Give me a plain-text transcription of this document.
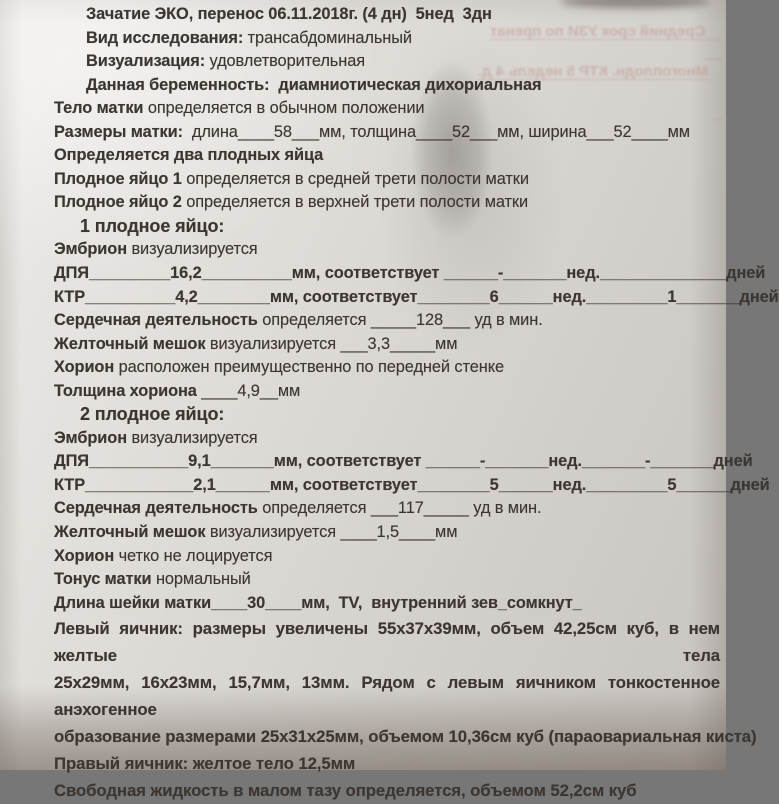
Средний срок УЗИ по пренат

Многоплодн. КТР 5 недель 4 д.

Зачатие ЭКО, перенос 06.11.2018г. (4 дн)  5нед  3дн
Вид исследования: трансабдоминальный
Визуализация: удовлетворительная
Данная беременность:  диамниотическая дихориальная
Тело матки определяется в обычном положении
Размеры матки:  длина____58___мм, толщина____52___мм, ширина___52____мм
Определяется два плодных яйца
Плодное яйцо 1 определяется в средней трети полости матки
Плодное яйцо 2 определяется в верхней трети полости матки
1 плодное яйцо:
Эмбрион визуализируется
ДПЯ_________16,2__________мм, соответствует ______-_______нед.______________дней
КТР__________4,2________мм, соответствует________6______нед._________1_______дней
Сердечная деятельность определяется _____128___ уд в мин.
Желточный мешок визуализируется ___3,3_____мм
Хорион расположен преимущественно по передней стенке
Толщина хориона ____4,9__мм
2 плодное яйцо:
Эмбрион визуализируется
ДПЯ___________9,1_______мм, соответствует ______-_______нед._______-_______дней
КТР____________2,1______мм, соответствует________5______нед._________5______дней
Сердечная деятельность определяется ___117_____ уд в мин.
Желточный мешок визуализируется ____1,5____мм
Хорион четко не лоцируется
Тонус матки нормальный
Длина шейки матки____30____мм,  TV,  внутренний зев_сомкнут_
Левый яичник: размеры увеличены 55х37х39мм, объем 42,25см куб, в нем желтые тела
25х29мм, 16х23мм, 15,7мм, 13мм. Рядом с левым яичником тонкостенное анэхогенное
образование размерами 25х31х25мм, объемом 10,36см куб (параовариальная киста)
Правый яичник: желтое тело 12,5мм
Свободная жидкость в малом тазу определяется, объемом 52,2см куб
